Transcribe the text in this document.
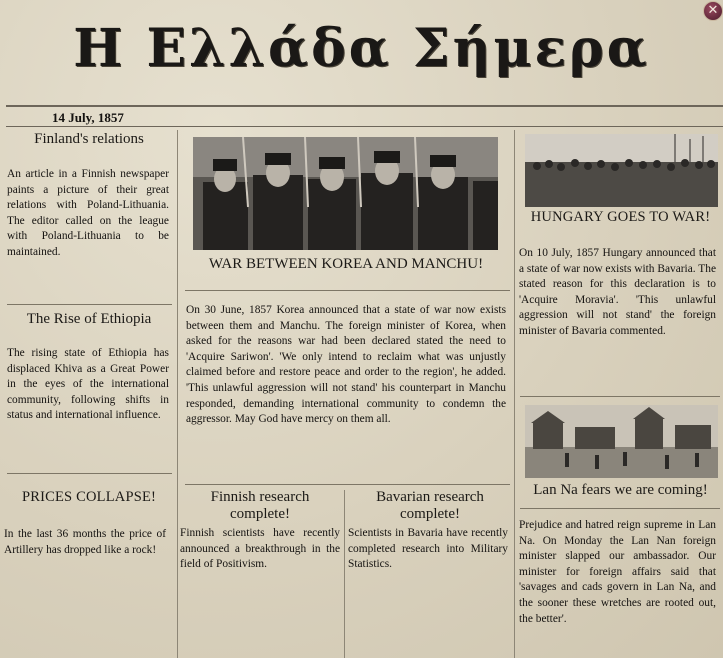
✕
Η Ελλάδα Σήμερα
14 July, 1857
Finland's relations
An article in a Finnish newspaper paints a picture of their great relations with Poland-Lithuania. The editor called on the league with Poland-Lithuania to be maintained.
The Rise of Ethiopia
The rising state of Ethiopia has displaced Khiva as a Great Power in the eyes of the international community, following shifts in status and international influence.
PRICES COLLAPSE!
In the last 36 months the price of Artillery has dropped like a rock!
WAR BETWEEN KOREA AND MANCHU!
On 30 June, 1857 Korea announced that a state of war now exists between them and Manchu. The foreign minister of Korea, when asked for the reasons war had been declared stated the need to 'Acquire Sariwon'. 'We only intend to reclaim what was unjustly claimed before and restore peace and order to the region', he added. 'This unlawful aggression will not stand' his counterpart in Manchu responded, demanding international community to condemn the aggressor. May God have mercy on them all.
Finnish research complete!
Finnish scientists have recently announced a breakthrough in the field of Positivism.
Bavarian research complete!
Scientists in Bavaria have recently completed research into Military Statistics.
HUNGARY GOES TO WAR!
On 10 July, 1857 Hungary announced that a state of war now exists with Bavaria. The stated reason for this declaration is to 'Acquire Moravia'. 'This unlawful aggression will not stand' the foreign minister of Bavaria commented.
Lan Na fears we are coming!
Prejudice and hatred reign supreme in Lan Na. On Monday the Lan Nan foreign minister slapped our ambassador. Our minister for foreign affairs said that 'savages and cads govern in Lan Na, and the sooner these wretches are rooted out, the better'.
